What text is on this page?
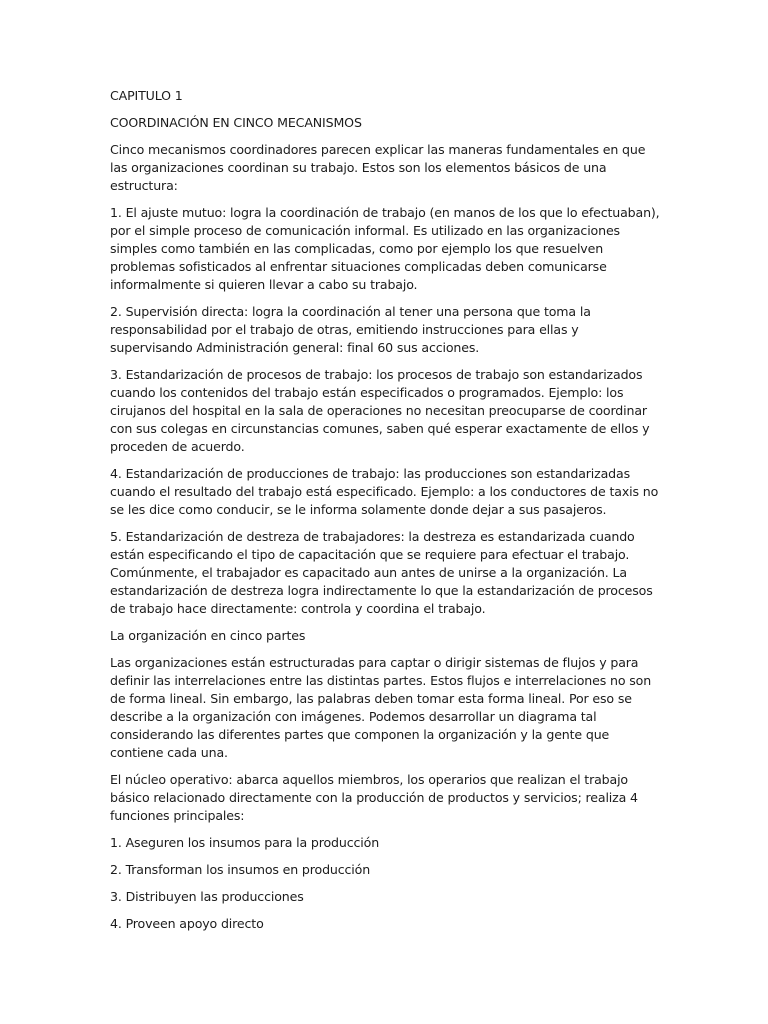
CAPITULO 1

COORDINACIÓN EN CINCO MECANISMOS

Cinco mecanismos coordinadores parecen explicar las maneras fundamentales en que las organizaciones coordinan su trabajo. Estos son los elementos básicos de una estructura:

1. El ajuste mutuo: logra la coordinación de trabajo (en manos de los que lo efectuaban), por el simple proceso de comunicación informal. Es utilizado en las organizaciones simples como también en las complicadas, como por ejemplo los que resuelven problemas sofisticados al enfrentar situaciones complicadas deben comunicarse informalmente si quieren llevar a cabo su trabajo.

2. Supervisión directa: logra la coordinación al tener una persona que toma la responsabilidad por el trabajo de otras, emitiendo instrucciones para ellas y supervisando Administración general: final 60 sus acciones.

3. Estandarización de procesos de trabajo: los procesos de trabajo son estandarizados cuando los contenidos del trabajo están especificados o programados. Ejemplo: los cirujanos del hospital en la sala de operaciones no necesitan preocuparse de coordinar con sus colegas en circunstancias comunes, saben qué esperar exactamente de ellos y proceden de acuerdo.

4. Estandarización de producciones de trabajo: las producciones son estandarizadas cuando el resultado del trabajo está especificado. Ejemplo: a los conductores de taxis no se les dice como conducir, se le informa solamente donde dejar a sus pasajeros.

5. Estandarización de destreza de trabajadores: la destreza es estandarizada cuando están especificando el tipo de capacitación que se requiere para efectuar el trabajo. Comúnmente, el trabajador es capacitado aun antes de unirse a la organización. La estandarización de destreza logra indirectamente lo que la estandarización de procesos de trabajo hace directamente: controla y coordina el trabajo.

La organización en cinco partes

Las organizaciones están estructuradas para captar o dirigir sistemas de flujos y para definir las interrelaciones entre las distintas partes. Estos flujos e interrelaciones no son de forma lineal. Sin embargo, las palabras deben tomar esta forma lineal. Por eso se describe a la organización con imágenes. Podemos desarrollar un diagrama tal considerando las diferentes partes que componen la organización y la gente que contiene cada una.

El núcleo operativo: abarca aquellos miembros, los operarios que realizan el trabajo básico relacionado directamente con la producción de productos y servicios; realiza 4 funciones principales:

1. Aseguren los insumos para la producción

2. Transforman los insumos en producción

3. Distribuyen las producciones

4. Proveen apoyo directo
